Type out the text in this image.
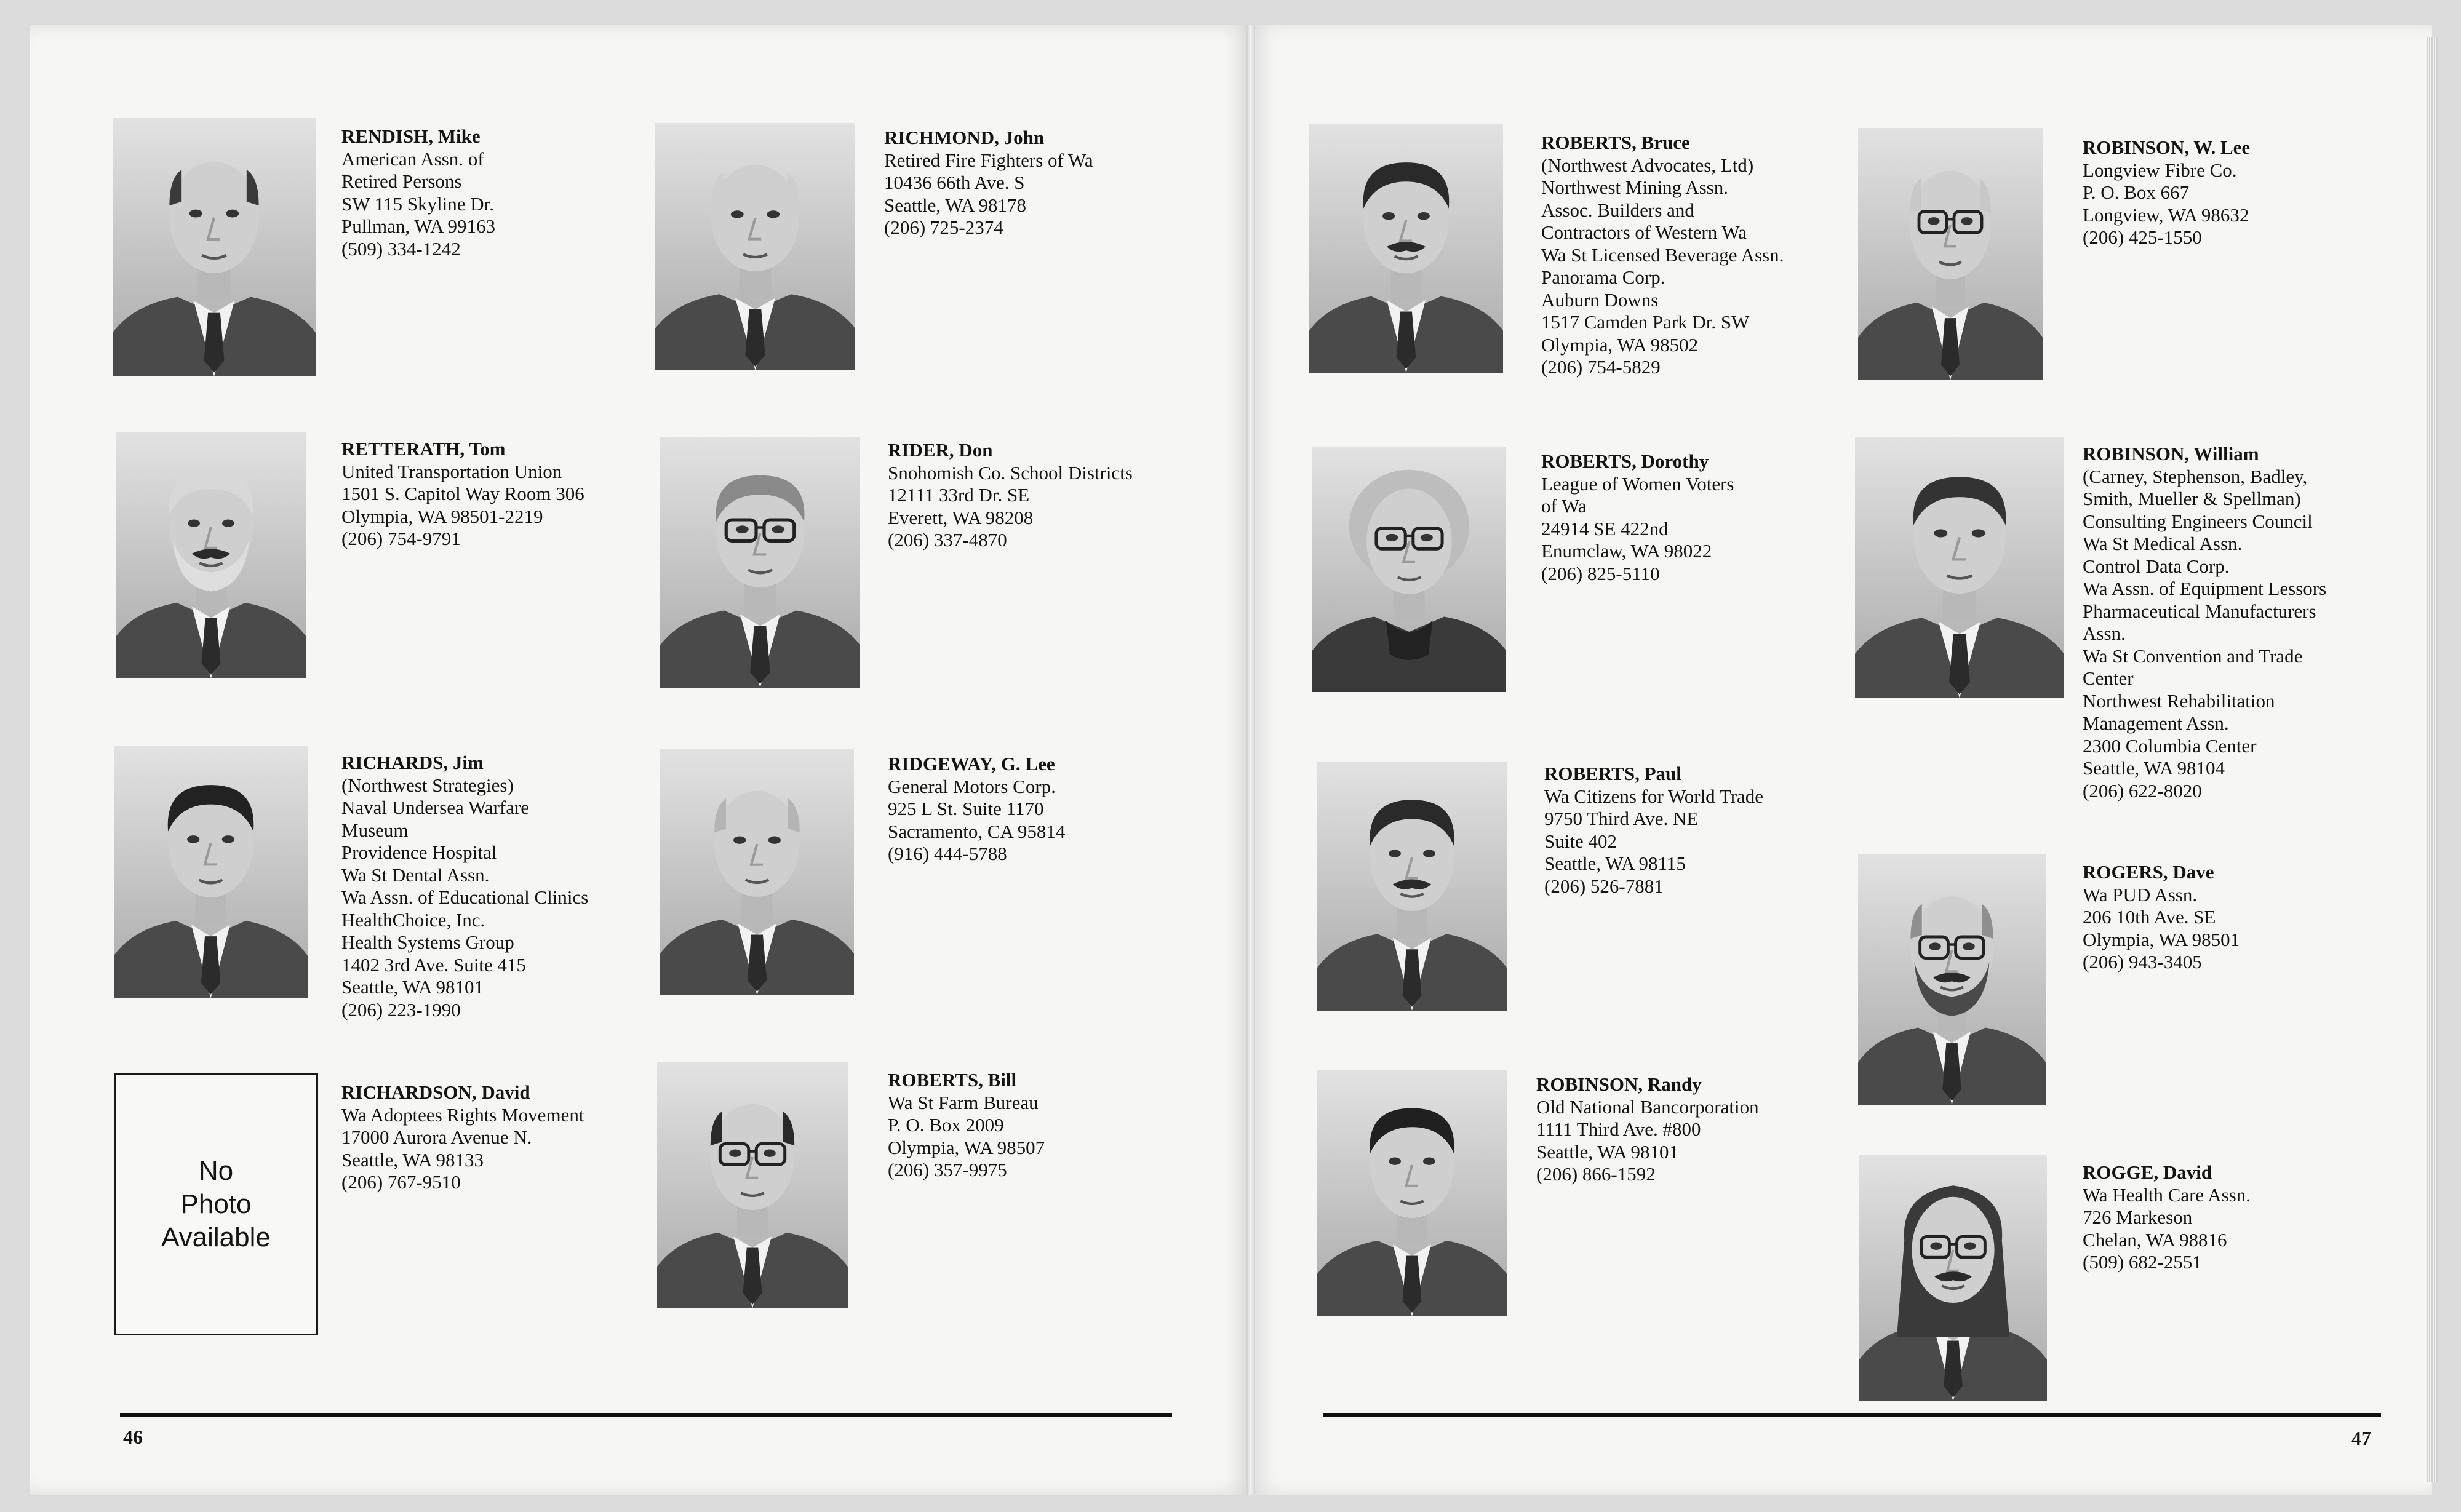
RENDISH, Mike
American Assn. of
Retired Persons
SW 115 Skyline Dr.
Pullman, WA 99163
(509) 334-1242
RICHMOND, John
Retired Fire Fighters of Wa
10436 66th Ave. S
Seattle, WA 98178
(206) 725-2374
RETTERATH, Tom
United Transportation Union
1501 S. Capitol Way Room 306
Olympia, WA 98501-2219
(206) 754-9791
RIDER, Don
Snohomish Co. School Districts
12111 33rd Dr. SE
Everett, WA 98208
(206) 337-4870
RICHARDS, Jim
(Northwest Strategies)
Naval Undersea Warfare
Museum
Providence Hospital
Wa St Dental Assn.
Wa Assn. of Educational Clinics
HealthChoice, Inc.
Health Systems Group
1402 3rd Ave. Suite 415
Seattle, WA 98101
(206) 223-1990
RIDGEWAY, G. Lee
General Motors Corp.
925 L St. Suite 1170
Sacramento, CA 95814
(916) 444-5788
RICHARDSON, David
Wa Adoptees Rights Movement
17000 Aurora Avenue N.
Seattle, WA 98133
(206) 767-9510
ROBERTS, Bill
Wa St Farm Bureau
P. O. Box 2009
Olympia, WA 98507
(206) 357-9975
ROBERTS, Bruce
(Northwest Advocates, Ltd)
Northwest Mining Assn.
Assoc. Builders and
Contractors of Western Wa
Wa St Licensed Beverage Assn.
Panorama Corp.
Auburn Downs
1517 Camden Park Dr. SW
Olympia, WA 98502
(206) 754-5829
ROBINSON, W. Lee
Longview Fibre Co.
P. O. Box 667
Longview, WA 98632
(206) 425-1550
ROBERTS, Dorothy
League of Women Voters
of Wa
24914 SE 422nd
Enumclaw, WA 98022
(206) 825-5110
ROBINSON, William
(Carney, Stephenson, Badley,
Smith, Mueller & Spellman)
Consulting Engineers Council
Wa St Medical Assn.
Control Data Corp.
Wa Assn. of Equipment Lessors
Pharmaceutical Manufacturers
Assn.
Wa St Convention and Trade
Center
Northwest Rehabilitation
Management Assn.
2300 Columbia Center
Seattle, WA 98104
(206) 622-8020
ROBERTS, Paul
Wa Citizens for World Trade
9750 Third Ave. NE
Suite 402
Seattle, WA 98115
(206) 526-7881
ROGERS, Dave
Wa PUD Assn.
206 10th Ave. SE
Olympia, WA 98501
(206) 943-3405
ROBINSON, Randy
Old National Bancorporation
1111 Third Ave. #800
Seattle, WA 98101
(206) 866-1592	ROGGE, David
Wa Health Care Assn.
726 Markeson
Chelan, WA 98816
(509) 682-2551
No
Photo
Available
46	47
